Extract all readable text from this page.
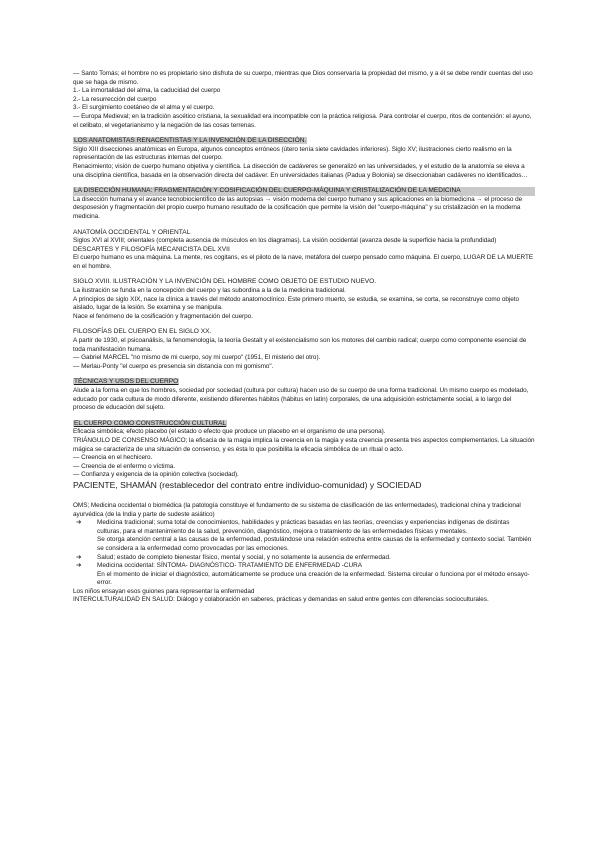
— Santo Tomás; el hombre no es propietario sino disfruta de su cuerpo, mientras que Dios conservaría la propiedad del mismo, y a él se debe rendir cuentas del uso que se haga de mismo.

1.- La inmortalidad del alma, la caducidad del cuerpo

2.- La resurrección del cuerpo

3.- El surgimiento coetáneo de el alma y el cuerpo.

— Europa Medieval; en la tradición ascético cristiana, la sexualidad era incompatible con la práctica religiosa. Para controlar el cuerpo, ritos de contención: el ayuno, el celibato, el vegetarianismo y la negación de las cosas terrenas.

LOS ANATOMISTAS RENACENTISTAS Y LA INVENCIÓN DE LA DISECCIÓN.

Siglo XIII disecciones anatómicas en Europa, algunos conceptos erróneos (útero tenía siete cavidades inferiores). Siglo XV; ilustraciones cierto realismo en la representación de las estructuras internas del cuerpo.

Renacimiento; visión de cuerpo humano objetiva y científica. La disección de cadáveres se generalizó en las universidades, y el estudio de la anatomía se eleva a una disciplina científica, basada en la observación directa del cadáver. En universidades italianas (Padua y Bolonia) se diseccionaban cadáveres no identificados…

LA DISECCIÓN HUMANA: FRAGMENTACIÓN Y COSIFICACIÓN DEL CUERPO-MÁQUINA Y CRISTALIZACIÓN DE LA MEDICINA

La disección humana y el avance tecnobiocientífico de las autopsias → visión moderna del cuerpo humano y sus aplicaciones en la biomedicina → el proceso de desposesión y fragmentación del propio cuerpo humano resultado de la cosificación que permite la visión del "cuerpo-máquina" y su cristalización en la moderna medicina.

ANATOMÍA OCCIDENTAL Y ORIENTAL

Siglos XVI al XVIII; orientales (completa ausencia de músculos en los diagramas). La visión occidental (avanza desde la superficie hacia la profundidad)

DESCARTES Y FILOSOFÍA MECANICISTA DEL XVII

El cuerpo humano es una máquina. La mente, res cogitans, es el piloto de la nave, metáfora del cuerpo pensado como máquina. El cuerpo, LUGAR DE LA MUERTE en el hombre.

SIGLO XVIII. ILUSTRACIÓN Y LA INVENCIÓN DEL HOMBRE COMO OBJETO DE ESTUDIO NUEVO.

La ilustración se funda en la concepción del cuerpo y las subordina a la de la medicina tradicional.

A principios de siglo XIX, nace la clínica a través del método anatomoclínico. Este primero muerto, se estudia, se examina, se corta, se reconstruye como objeto aislado, lugar de la lesión. Se examina y se manipula.

Nace el fenómeno de la cosificación y fragmentación del cuerpo.

FILOSOFÍAS DEL CUERPO EN EL SIGLO XX.

A partir de 1930, el psicoanálisis, la fenomenología, la teoría Gestalt y el existencialismo son los motores del cambio radical; cuerpo como componente esencial de toda manifestación humana.

— Gabriel MARCEL "no mismo de mi cuerpo, soy mi cuerpo" (1951, El misterio del otro).

— Merlau-Ponty "el cuerpo es presencia sin distancia con mi gomismo".

TÉCNICAS Y USOS DEL CUERPO

Alude a la forma en que los hombres, sociedad por sociedad (cultura por cultura) hacen uso de su cuerpo de una forma tradicional. Un mismo cuerpo es modelado, educado por cada cultura de modo diferente, existiendo diferentes hábitos (hábitus en latín) corporales, de una adquisición estrictamente social, a lo largo del proceso de educación del sujeto.

EL CUERPO COMO CONSTRUCCIÓN CULTURAL

Eficacia simbólica; efecto placebo (el estado o efecto que produce un placebo en el organismo de una persona).

TRIÁNGULO DE CONSENSO MÁGICO; la eficacia de la magia implica la creencia en la magia y esta creencia presenta tres aspectos complementarios. La situación mágica se caracteriza de una situación de consenso, y es ésta lo que posibilita la eficacia simbólica de un ritual o acto.

— Creencia en el hechicero.

— Creencia de el enfermo o víctima.

— Confianza y exigencia de la opinión colectiva (sociedad).

PACIENTE, SHAMÁN (restablecedor del contrato entre individuo-comunidad) y SOCIEDAD

OMS; Medicina occidental o biomédica (la patología constituye el fundamento de su sistema de clasificación de las enfermedades), tradicional china y tradicional ayurvédica (de la India y parte de sudeste asiático)

➔	Medicina tradicional; suma total de conocimientos, habilidades y prácticas basadas en las teorías, creencias y experiencias indígenas de distintas culturas, para el mantenimiento de la salud, prevención, diagnóstico, mejora o tratamiento de las enfermedades físicas y mentales.

Se otorga atención central a las causas de la enfermedad, postulándose una relación estrecha entre causas de la enfermedad y contexto social. También se considera a la enfermedad como provocadas por las emociones.

➔	Salud; estado de completo bienestar físico, mental y social, y no solamente la ausencia de enfermedad.
➔	Medicina occidental: SÍNTOMA- DIAGNÓSTICO- TRATAMIENTO DE ENFERMEDAD -CURA

En el momento de iniciar el diagnóstico, automáticamente se produce una creación de la enfermedad. Sistema circular o funciona por el método ensayo-error.

Los niños ensayan esos guiones para representar la enfermedad

INTERCULTURALIDAD EN SALUD: Diálogo y colaboración en saberes, prácticas y demandas en salud entre gentes con diferencias socioculturales.
